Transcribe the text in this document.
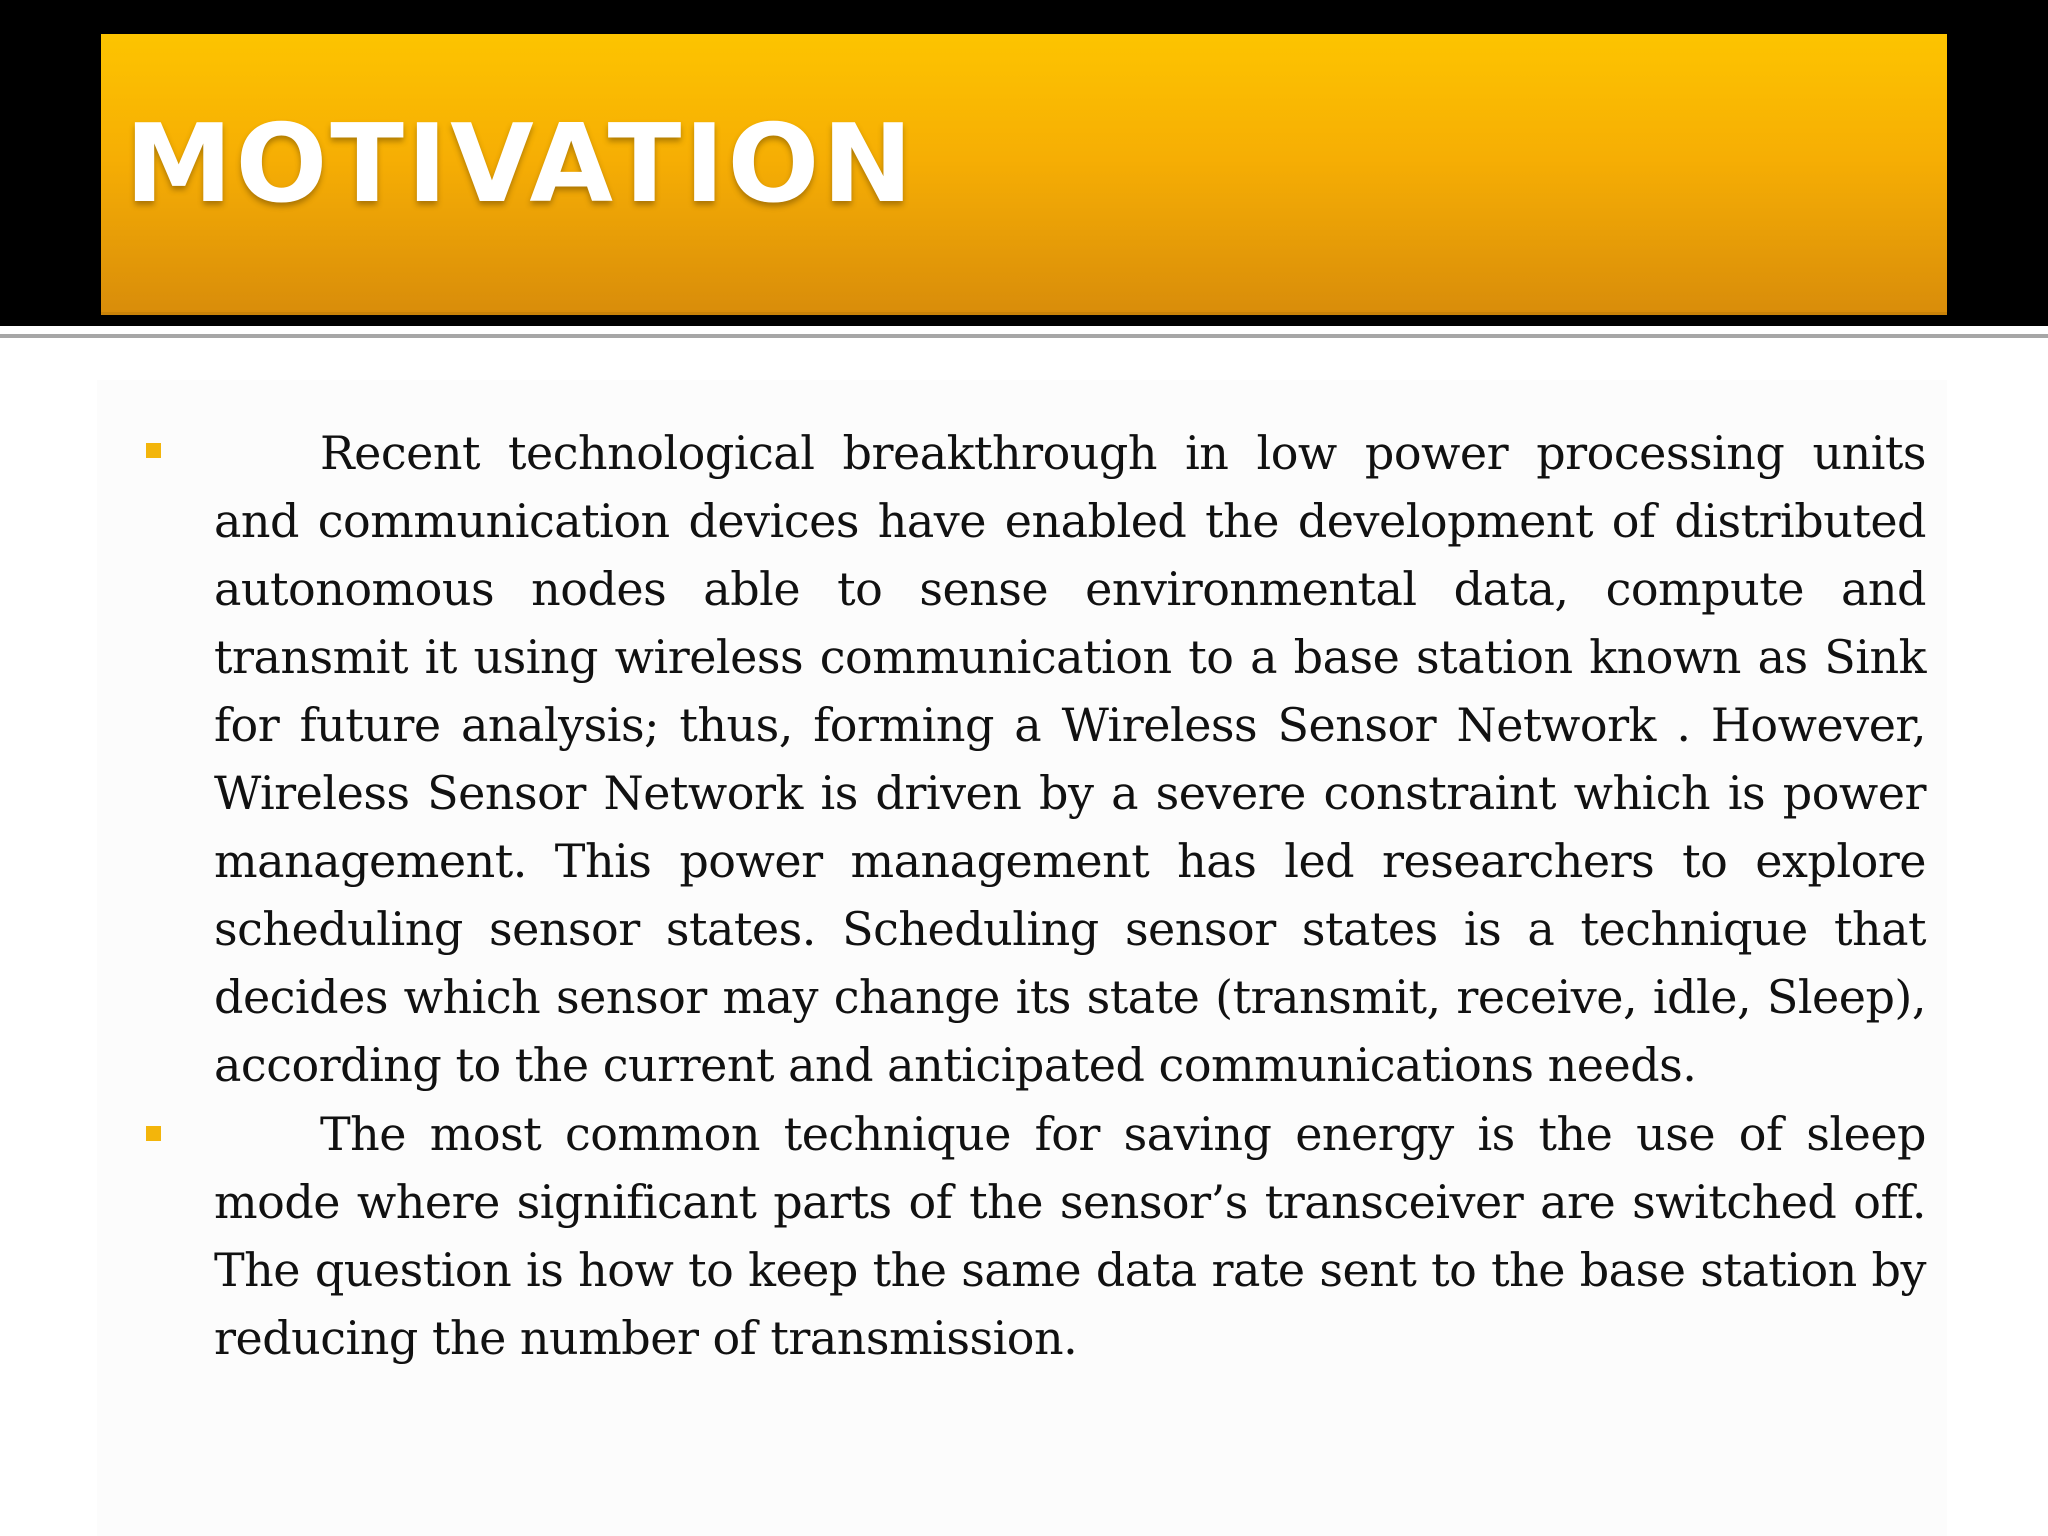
MOTIVATION

Recent technological breakthrough in low power processing units and communication devices have enabled the development of distributed autonomous nodes able to sense environmental data, compute and transmit it using wireless communication to a base station known as Sink for future analysis; thus, forming a Wireless Sensor Network . However, Wireless Sensor Network is driven by a severe constraint which is power management. This power management has led researchers to explore scheduling sensor states. Scheduling sensor states is a technique that decides which sensor may change its state (transmit, receive, idle, Sleep), according to the current and anticipated communications needs.

The most common technique for saving energy is the use of sleep mode where significant parts of the sensor’s transceiver are switched off. The question is how to keep the same data rate sent to the base station by reducing the number of transmission.
